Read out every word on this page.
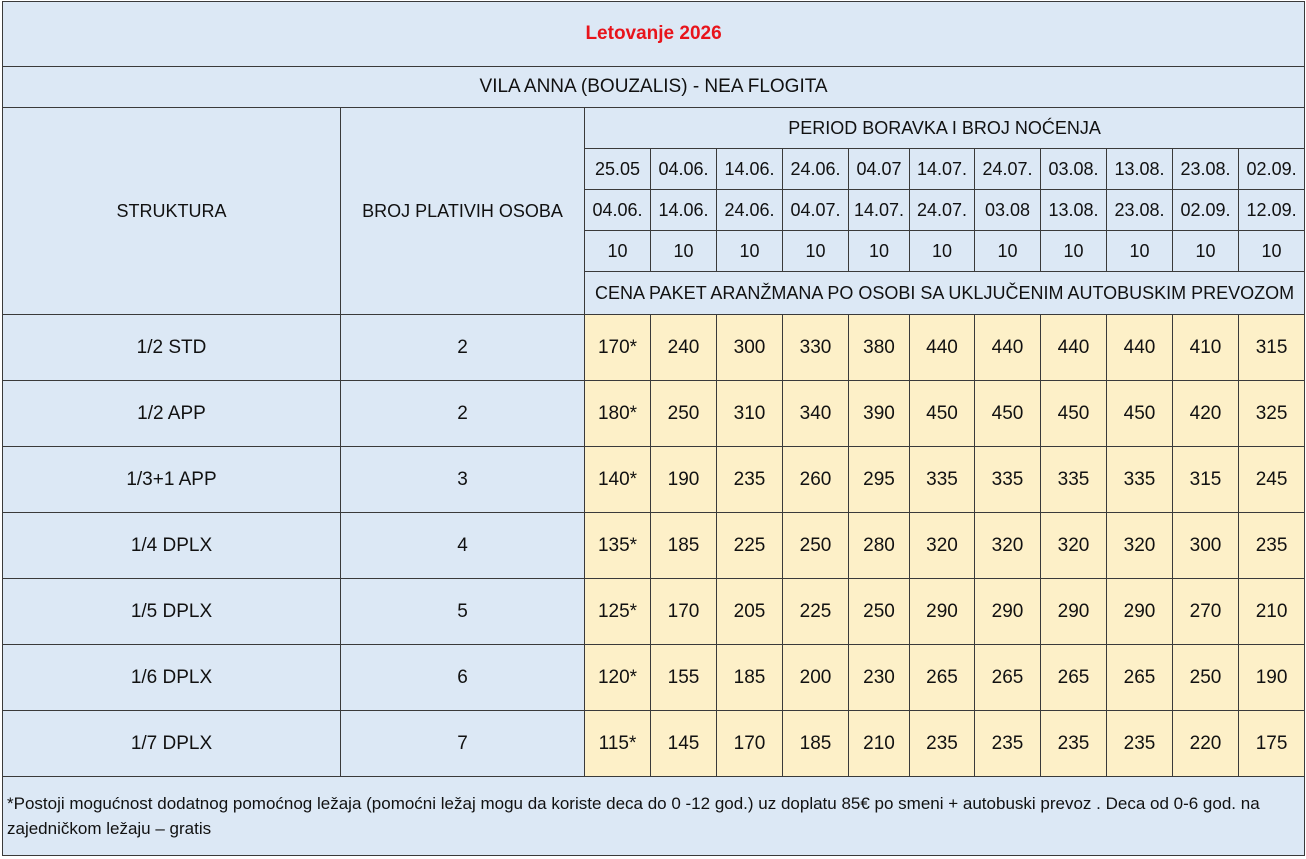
Letovanje 2026												
VILA ANNA (BOUZALIS) - NEA FLOGITA												
STRUKTURA	BROJ PLATIVIH OSOBA	PERIOD BORAVKA I BROJ NOĆENJA										
		25.05	04.06.	14.06.	24.06.	04.07	14.07.	24.07.	03.08.	13.08.	23.08.	02.09.
		04.06.	14.06.	24.06.	04.07.	14.07.	24.07.	03.08	13.08.	23.08.	02.09.	12.09.
		10	10	10	10	10	10	10	10	10	10	10
		CENA PAKET ARANŽMANA PO OSOBI SA UKLJUČENIM AUTOBUSKIM PREVOZOM										
1/2 STD	2	170*	240	300	330	380	440	440	440	440	410	315
1/2 APP	2	180*	250	310	340	390	450	450	450	450	420	325
1/3+1 APP	3	140*	190	235	260	295	335	335	335	335	315	245
1/4 DPLX	4	135*	185	225	250	280	320	320	320	320	300	235
1/5 DPLX	5	125*	170	205	225	250	290	290	290	290	270	210
1/6 DPLX	6	120*	155	185	200	230	265	265	265	265	250	190
1/7 DPLX	7	115*	145	170	185	210	235	235	235	235	220	175
*Postoji mogućnost dodatnog pomoćnog ležaja (pomoćni ležaj mogu da koriste deca do 0 -12 god.) uz doplatu 85€ po smeni + autobuski prevoz . Deca od 0-6 god. na zajedničkom ležaju – gratis												
